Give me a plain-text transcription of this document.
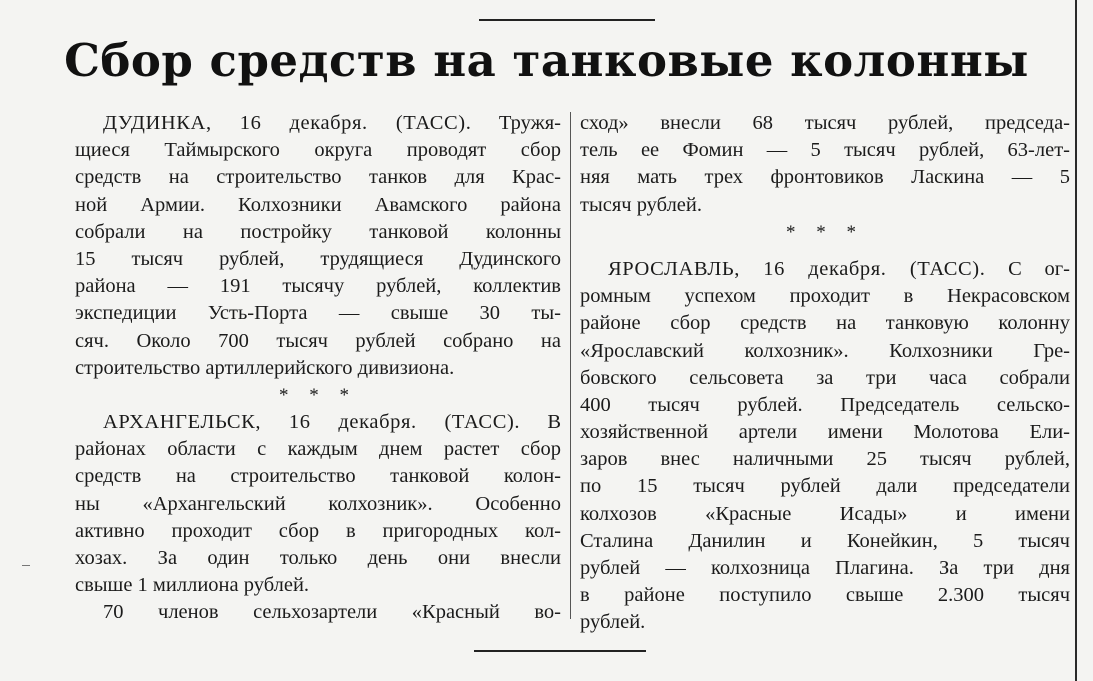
Сбор средств на танковые колонны
ДУДИНКА, 16 декабря. (ТАСС). Тружя-
щиеся Таймырского округа проводят сбор
средств на строительство танков для Крас-
ной Армии. Колхозники Авамского района
собрали на постройку танковой колонны
15 тысяч рублей, трудящиеся Дудинского
района — 191 тысячу рублей, коллектив
экспедиции Усть-Порта — свыше 30 ты-
сяч. Около 700 тысяч рублей собрано на
строительство артиллерийского дивизиона.
* * *
АРХАНГЕЛЬСК, 16 декабря. (ТАСС). В
районах области с каждым днем растет сбор
средств на строительство танковой колон-
ны «Архангельский колхозник». Особенно
активно проходит сбор в пригородных кол-
хозах. За один только день они внесли
свыше 1 миллиона рублей.
70 членов сельхозартели «Красный во-
сход» внесли 68 тысяч рублей, председа-
тель ее Фомин — 5 тысяч рублей, 63-лет-
няя мать трех фронтовиков Ласкина — 5
тысяч рублей.
* * *
ЯРОСЛАВЛЬ, 16 декабря. (ТАСС). С ог-
ромным успехом проходит в Некрасовском
районе сбор средств на танковую колонну
«Ярославский колхозник». Колхозники Гре-
бовского сельсовета за три часа собрали
400 тысяч рублей. Председатель сельско-
хозяйственной артели имени Молотова Ели-
заров внес наличными 25 тысяч рублей,
по 15 тысяч рублей дали председатели
колхозов «Красные Исады» и имени
Сталина Данилин и Конейкин, 5 тысяч
рублей — колхозница Плагина. За три дня
в районе поступило свыше 2.300 тысяч
рублей.
